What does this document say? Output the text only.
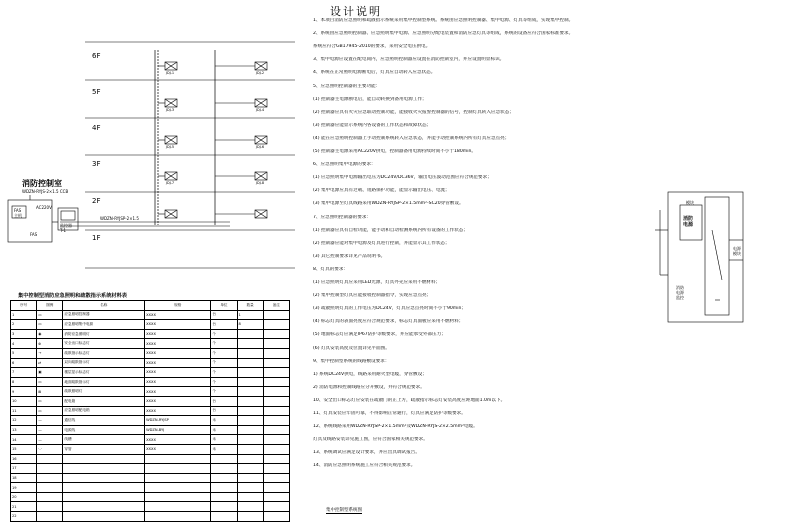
6F
5F
4F
3F
2F
1F
JDJ-1	JDJ-2
JDJ-3	JDJ-4
JDJ-5	JDJ-6
JDJ-7	JDJ-8
消防控制室
WDZN-RYJS-2×1.5 CCB
FAS
主机
FAS
AC220V
监控器
T-1
WDZN-RYJSP-2×1.5	消防电源
模块
电源模块
消防电源监控
设计说明
1、本项目消防应急照明和疏散指示系统采用集中控制型系统。系统由应急照明控制器、集中电源、灯具等组成，实现集中控制。
2、系统由应急照明控制器、应急照明集中电源、应急照明分配电装置和消防应急灯具等组成，系统的设备应符合国家标准要求。
系统应符合GB17945-2010的要求，采用安全电压供电。
3、集中电源应设置在配电间内，应急照明控制器应设置在消防控制室内，并应设置明显标识。
4、系统在正常照明电源断电后，灯具应自动转入应急状态。
5、应急照明控制器的主要功能：
(1) 控制器主电源断电后，能自动转换到备用电源工作；
(2) 控制器应具有火灾应急联动控制功能，能接收火灾报警控制器的信号，控制灯具转入应急状态；
(3) 控制器应能显示系统内各设备的工作状态和故障状态；
(4) 能在应急照明控制器上手动控制系统转入应急状态，并能手动控制系统内所有灯具应急点亮；
(5) 控制器主电源采用AC220V供电，控制器备用电源持续时间不小于180min。
6、应急照明集中电源的要求：
(1) 应急照明集中电源输出电压为DC24V/DC36V，输出电压波动范围应符合规范要求；
(2) 集中电源应具有过载、短路保护功能，能显示输出电压、电流；
(3) 集中电源至灯具线路采用WDZN-RYJSP-2×1.5mm²-SC20穿管敷设。
7、应急照明控制器的要求：
(1) 控制器应具有自检功能，能手动和自动检测系统内所有设备的工作状态；
(2) 控制器应能对集中电源及灯具进行控制，并能显示其工作状态；
(3) 其它控制要求详见产品说明书。
8、灯具的要求：
(1) 应急照明灯具应采用LED光源，灯具外壳应采用不燃材料；
(2) 集中控制型灯具应能接收控制器指令，实现应急点亮；
(3) 疏散照明灯具的工作电压为DC24V，灯具应急点亮时间不小于90min；
(4) 标志灯具的表面亮度应符合规范要求，标志灯具面板应采用不燃材料；
(5) 地面标志灯应满足IP67防护等级要求，并应能承受外部压力；
(6) 灯具安装高度及位置详见平面图。
9、集中控制型系统的线路敷设要求：
1) 系统DC24V供电，线路采用耐火型电缆，穿管敷设；
2) 消防电源和控制线路应分开敷设，并符合规范要求。
10、安全出口标志灯应安装在疏散门的正上方，疏散指示标志灯安装高度应距地面1.0m以下。
11、灯具安装应牢固可靠，不得影响正常通行，灯具应满足防护等级要求。
12、系统线路采用WDZN-RYJSP-2×1.5mm²及WDZN-RYJS-2×2.5mm²电缆。
灯具及线路安装详见施工图，应符合国家相关规范要求。
13、系统调试应满足设计要求，并应出具调试报告。
14、消防应急照明系统施工应符合相关规范要求。
集中控制型消防应急照明和疏散指示系统材料表
序号	图例	名称	规格	单位	数量	备注
1	▭	应急照明控制器	XXXX	台	1	
2	▭	应急照明集中电源	XXXX	台	8	
3	◉	消防应急照明灯	XXXX	个		
4	⊗	安全出口标志灯	XXXX	个		
5	→	疏散指示标志灯	XXXX	个		
6	⇄	双向疏散指示灯	XXXX	个		
7	▣	楼层显示标志灯	XXXX	个		
8	▭	地面疏散指示灯	XXXX	个		
9	⊠	疏散照明灯	XXXX	个		
10	▭	配电箱	XXXX	台		
11	▭	应急照明配电箱	XXXX	台		
12	—	通信线	WDZN-RYJSP	米		
13	—	电源线	WDZN-BYJ	米		
14	—	线槽	XXXX	米		
15	·-·	穿管	XXXX	米		
16						
17						
18						
19						
20						
21						
22						
集中控制型系统图
